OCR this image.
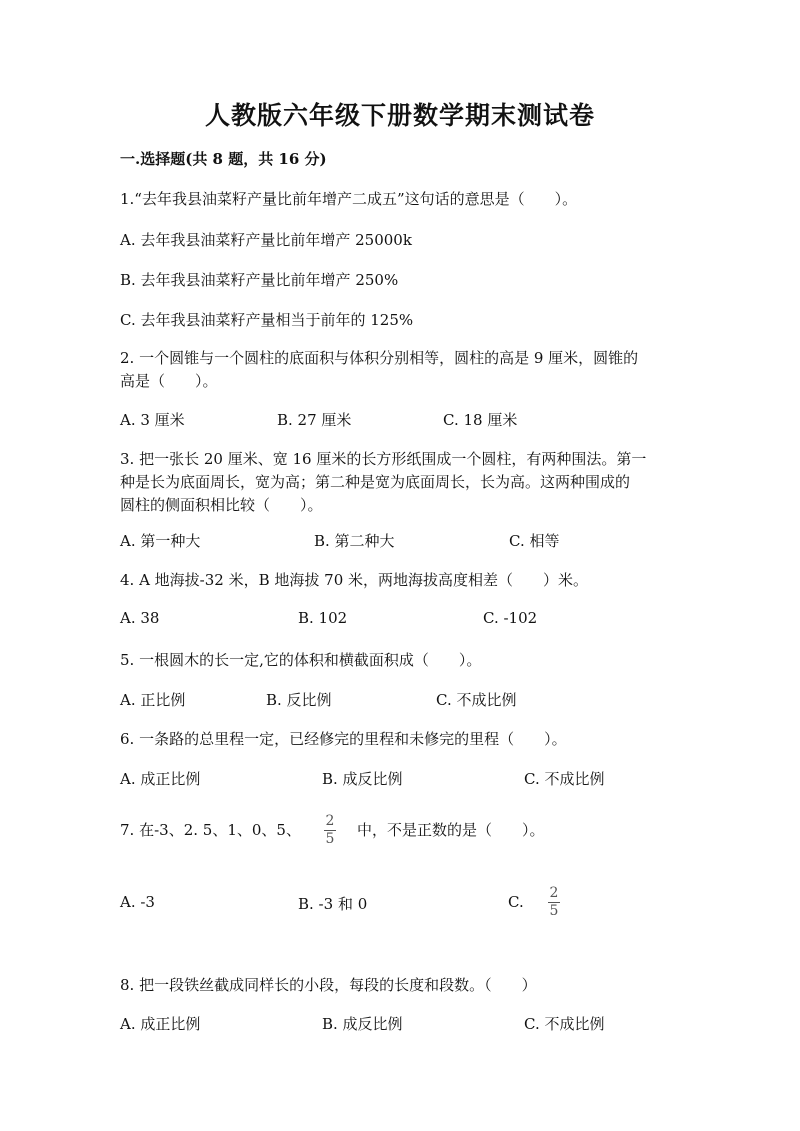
人教版六年级下册数学期末测试卷
一.选择题(共 8 题，共 16 分)
1.“去年我县油菜籽产量比前年增产二成五”这句话的意思是（　　）。
A. 去年我县油菜籽产量比前年增产 25000k
B. 去年我县油菜籽产量比前年增产 250%
C. 去年我县油菜籽产量相当于前年的 125%
2. 一个圆锥与一个圆柱的底面积与体积分别相等，圆柱的高是 9 厘米，圆锥的
高是（　　）。
A. 3 厘米	B. 27 厘米	C. 18 厘米
3. 把一张长 20 厘米、宽 16 厘米的长方形纸围成一个圆柱，有两种围法。第一
种是长为底面周长，宽为高；第二种是宽为底面周长，长为高。这两种围成的
圆柱的侧面积相比较（　　）。
A. 第一种大	B. 第二种大	C. 相等
4. A 地海拔-32 米，B 地海拔 70 米，两地海拔高度相差（　　）米。
A. 38	B. 102	C. -102
5. 一根圆木的长一定,它的体积和横截面积成（　　）。
A. 正比例	B. 反比例	C. 不成比例
6. 一条路的总里程一定，已经修完的里程和未修完的里程（　　）。
A. 成正比例	B. 成反比例	C. 不成比例
7. 在-3、2. 5、1、0、5、 2
5 中，不是正数的是（　　）。
A. -3	B. -3 和 0	C. 2
5
8. 把一段铁丝截成同样长的小段，每段的长度和段数。（　　）
A. 成正比例	B. 成反比例	C. 不成比例
